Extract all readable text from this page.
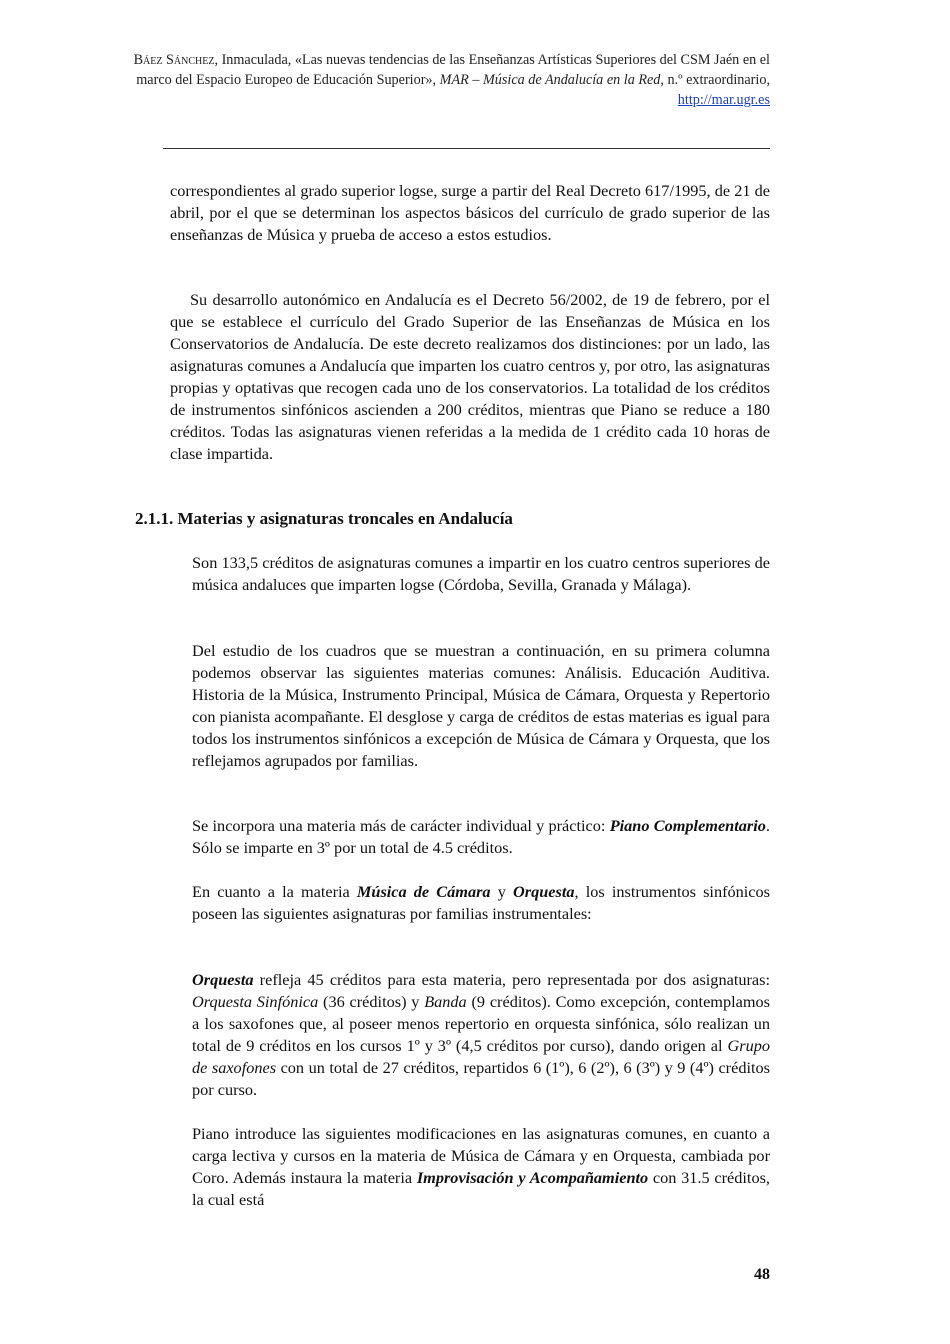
Báez Sánchez, Inmaculada, «Las nuevas tendencias de las Enseñanzas Artísticas Superiores del CSM Jaén en el marco del Espacio Europeo de Educación Superior», MAR – Música de Andalucía en la Red, n.º extraordinario, http://mar.ugr.es
correspondientes al grado superior logse, surge a partir del Real Decreto 617/1995, de 21 de abril, por el que se determinan los aspectos básicos del currículo de grado superior de las enseñanzas de Música y prueba de acceso a estos estudios.
Su desarrollo autonómico en Andalucía es el Decreto 56/2002, de 19 de febrero, por el que se establece el currículo del Grado Superior de las Enseñanzas de Música en los Conservatorios de Andalucía. De este decreto realizamos dos distinciones: por un lado, las asignaturas comunes a Andalucía que imparten los cuatro centros y, por otro, las asignaturas propias y optativas que recogen cada uno de los conservatorios. La totalidad de los créditos de instrumentos sinfónicos ascienden a 200 créditos, mientras que Piano se reduce a 180 créditos. Todas las asignaturas vienen referidas a la medida de 1 crédito cada 10 horas de clase impartida.
2.1.1. Materias y asignaturas troncales en Andalucía
Son 133,5 créditos de asignaturas comunes a impartir en los cuatro centros superiores de música andaluces que imparten logse (Córdoba, Sevilla, Granada y Málaga).
Del estudio de los cuadros que se muestran a continuación, en su primera columna podemos observar las siguientes materias comunes: Análisis. Educación Auditiva. Historia de la Música, Instrumento Principal, Música de Cámara, Orquesta y Repertorio con pianista acompañante. El desglose y carga de créditos de estas materias es igual para todos los instrumentos sinfónicos a excepción de Música de Cámara y Orquesta, que los reflejamos agrupados por familias.
Se incorpora una materia más de carácter individual y práctico: Piano Complementario. Sólo se imparte en 3º por un total de 4.5 créditos.
En cuanto a la materia Música de Cámara y Orquesta, los instrumentos sinfónicos poseen las siguientes asignaturas por familias instrumentales:
Orquesta refleja 45 créditos para esta materia, pero representada por dos asignaturas: Orquesta Sinfónica (36 créditos) y Banda (9 créditos). Como excepción, contemplamos a los saxofones que, al poseer menos repertorio en orquesta sinfónica, sólo realizan un total de 9 créditos en los cursos 1º y 3º (4,5 créditos por curso), dando origen al Grupo de saxofones con un total de 27 créditos, repartidos 6 (1º), 6 (2º), 6 (3º) y 9 (4º) créditos por curso.
Piano introduce las siguientes modificaciones en las asignaturas comunes, en cuanto a carga lectiva y cursos en la materia de Música de Cámara y en Orquesta, cambiada por Coro. Además instaura la materia Improvisación y Acompañamiento con 31.5 créditos, la cual está
48
